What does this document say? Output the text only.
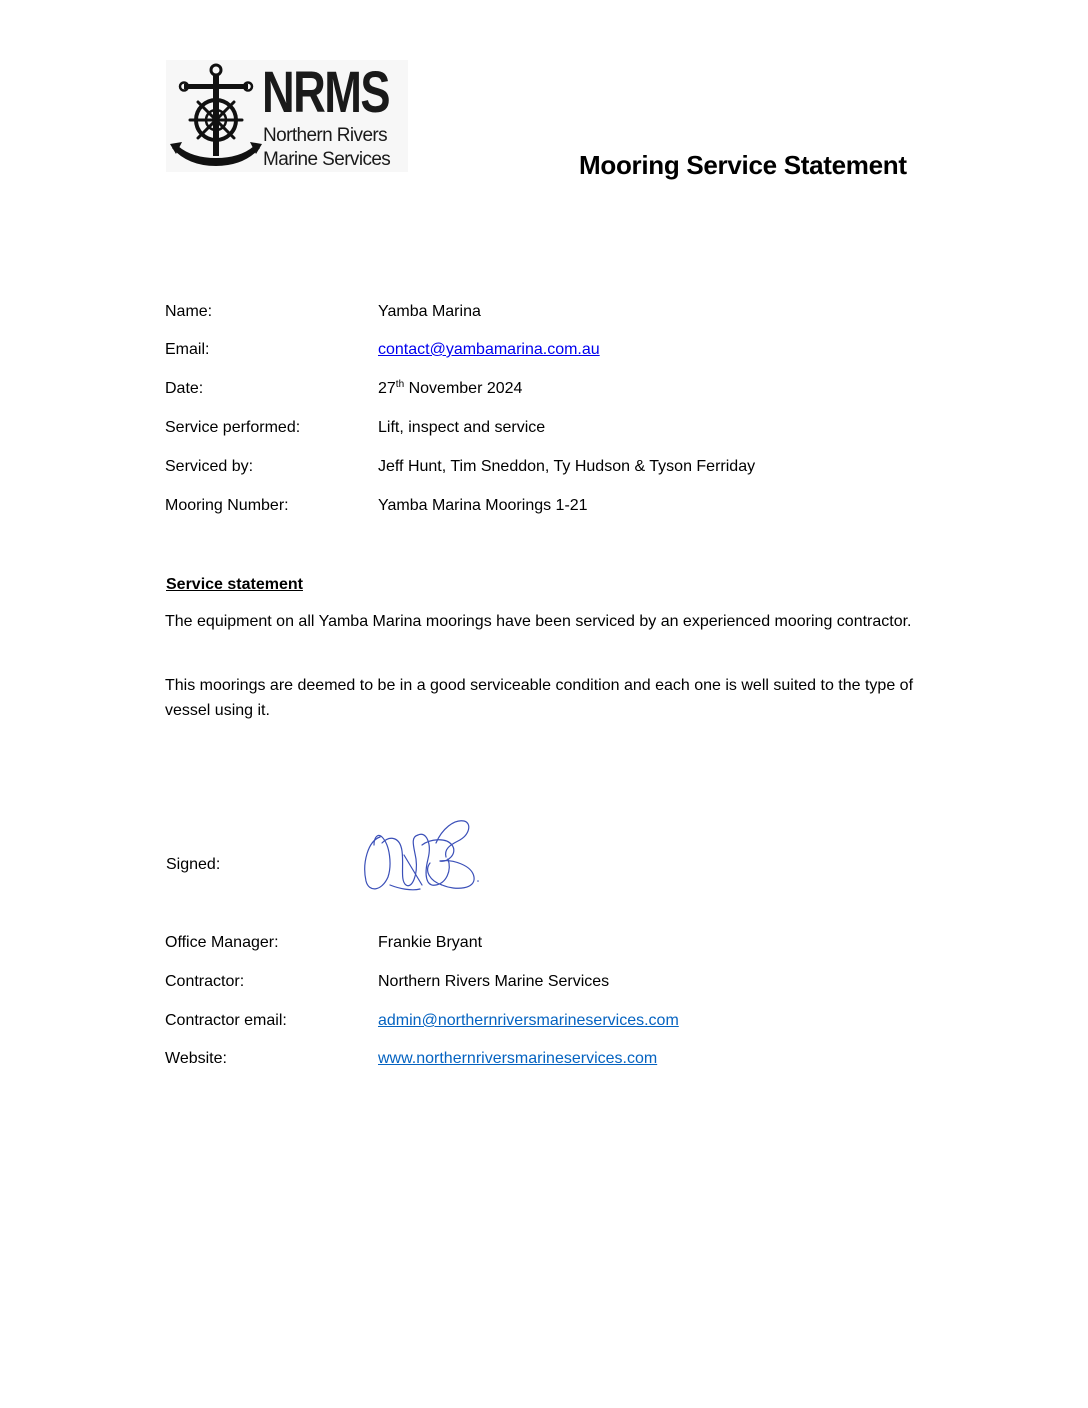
NRMS
Northern Rivers
Marine Services	Mooring Service Statement
Name:	Yamba Marina
Email:	contact@yambamarina.com.au
Date:	27th November 2024
Service performed:	Lift, inspect and service
Serviced by:	Jeff Hunt, Tim Sneddon, Ty Hudson & Tyson Ferriday
Mooring Number:	Yamba Marina Moorings 1-21
Service statement
The equipment on all Yamba Marina moorings have been serviced by an experienced mooring contractor.
This moorings are deemed to be in a good serviceable condition and each one is well suited to the type of vessel using it.
Signed:
Office Manager:	Frankie Bryant
Contractor:	Northern Rivers Marine Services
Contractor email:	admin@northernriversmarineservices.com
Website:	www.northernriversmarineservices.com
